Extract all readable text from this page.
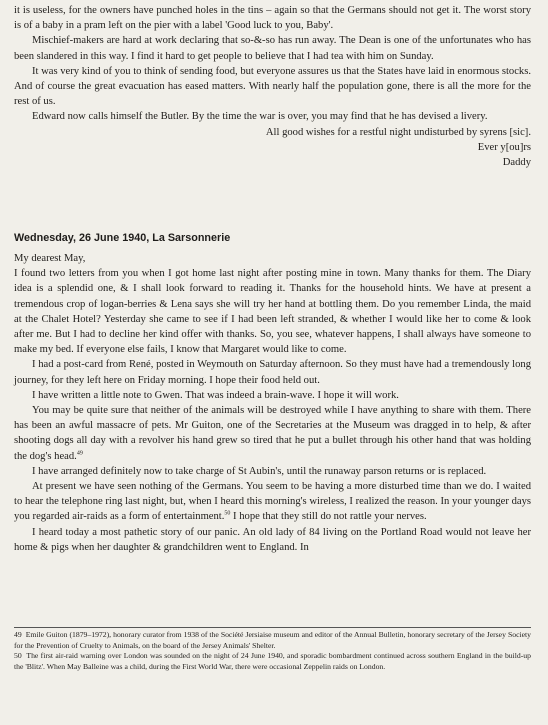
it is useless, for the owners have punched holes in the tins – again so that the Germans should not get it. The worst story is of a baby in a pram left on the pier with a label 'Good luck to you, Baby'.

Mischief-makers are hard at work declaring that so-&-so has run away. The Dean is one of the unfortunates who has been slandered in this way. I find it hard to get people to believe that I had tea with him on Sunday.

It was very kind of you to think of sending food, but everyone assures us that the States have laid in enormous stocks. And of course the great evacuation has eased matters. With nearly half the population gone, there is all the more for the rest of us.

Edward now calls himself the Butler. By the time the war is over, you may find that he has devised a livery.

All good wishes for a restful night undisturbed by syrens [sic].

Ever y[ou]rs

Daddy

Wednesday, 26 June 1940, La Sarsonnerie

My dearest May,

I found two letters from you when I got home last night after posting mine in town. Many thanks for them. The Diary idea is a splendid one, & I shall look forward to reading it. Thanks for the household hints. We have at present a tremendous crop of logan-berries & Lena says she will try her hand at bottling them. Do you remember Linda, the maid at the Chalet Hotel? Yesterday she came to see if I had been left stranded, & whether I would like her to come & look after me. But I had to decline her kind offer with thanks. So, you see, whatever happens, I shall always have someone to make my bed. If everyone else fails, I know that Margaret would like to come.

I had a post-card from René, posted in Weymouth on Saturday afternoon. So they must have had a tremendously long journey, for they left here on Friday morning. I hope their food held out.

I have written a little note to Gwen. That was indeed a brain-wave. I hope it will work.

You may be quite sure that neither of the animals will be destroyed while I have anything to share with them. There has been an awful massacre of pets. Mr Guiton, one of the Secretaries at the Museum was dragged in to help, & after shooting dogs all day with a revolver his hand grew so tired that he put a bullet through his other hand that was holding the dog's head.$^{49}$

I have arranged definitely now to take charge of St Aubin's, until the runaway parson returns or is replaced.

At present we have seen nothing of the Germans. You seem to be having a more disturbed time than we do. I waited to hear the telephone ring last night, but, when I heard this morning's wireless, I realized the reason. In your younger days you regarded air-raids as a form of entertainment.$^{50}$ I hope that they still do not rattle your nerves.

I heard today a most pathetic story of our panic. An old lady of 84 living on the Portland Road would not leave her home & pigs when her daughter & grandchildren went to England. In

49 Emile Guiton (1879–1972), honorary curator from 1938 of the Société Jersiaise museum and editor of the Annual Bulletin, honorary secretary of the Jersey Society for the Prevention of Cruelty to Animals, on the board of the Jersey Animals' Shelter.

50 The first air-raid warning over London was sounded on the night of 24 June 1940, and sporadic bombardment continued across southern England in the build-up the 'Blitz'. When May Balleine was a child, during the First World War, there were occasional Zeppelin raids on London.
